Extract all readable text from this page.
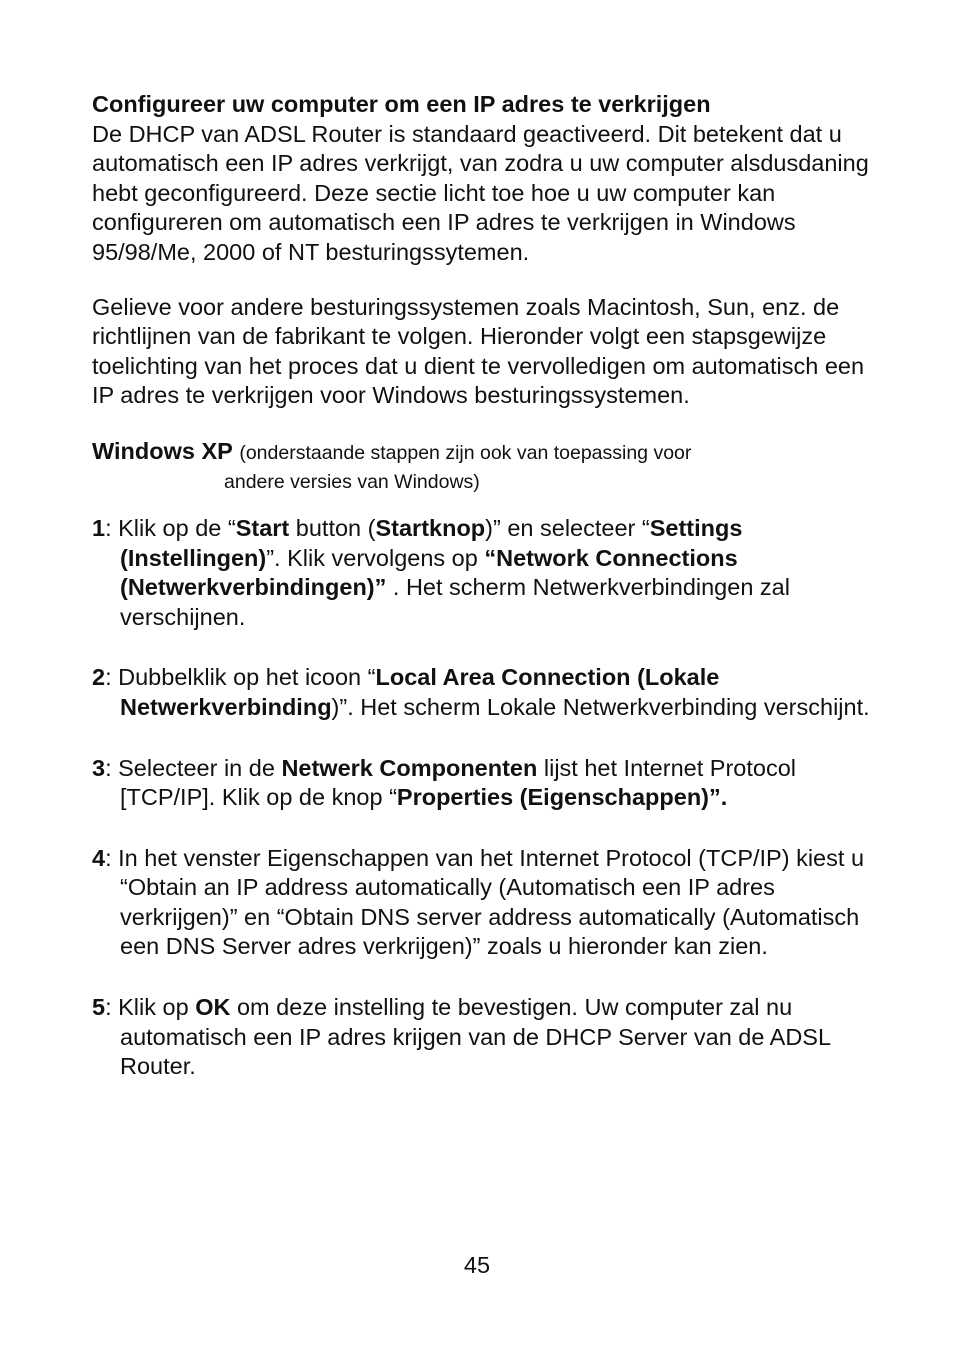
Configureer uw computer om een IP adres te verkrijgen

De DHCP van ADSL Router is standaard geactiveerd. Dit betekent dat u automatisch een IP adres verkrijgt, van zodra u uw computer alsdusdaning hebt geconfigureerd. Deze sectie licht toe hoe u uw computer kan configureren om automatisch een IP adres te verkrijgen in Windows 95/98/Me, 2000 of NT besturingssytemen.

Gelieve voor andere besturingssystemen zoals Macintosh, Sun, enz. de richtlijnen van de fabrikant te volgen. Hieronder volgt een stapsgewijze toelichting van het proces dat u dient te vervolledigen om automatisch een IP adres te verkrijgen voor Windows besturingssystemen.

Windows XP (onderstaande stappen zijn ook van toepassing voor
andere versies van Windows)

1: Klik op de “Start button (Startknop)” en selecteer “Settings (Instellingen)”. Klik vervolgens op “Network Connections (Netwerkverbindingen)” . Het scherm Netwerkverbindingen zal verschijnen.

2: Dubbelklik op het icoon “Local Area Connection (Lokale Netwerkverbinding)”. Het scherm Lokale Netwerkverbinding verschijnt.

3: Selecteer in de Netwerk Componenten lijst het Internet Protocol [TCP/IP]. Klik op de knop “Properties (Eigenschappen)”.

4: In het venster Eigenschappen van het Internet Protocol (TCP/IP) kiest u “Obtain an IP address automatically (Automatisch een IP adres verkrijgen)” en “Obtain DNS server address automatically (Automatisch een DNS Server adres verkrijgen)” zoals u hieronder kan zien.

5: Klik op OK om deze instelling te bevestigen. Uw computer zal nu automatisch een IP adres krijgen van de DHCP Server van de ADSL Router.

45
